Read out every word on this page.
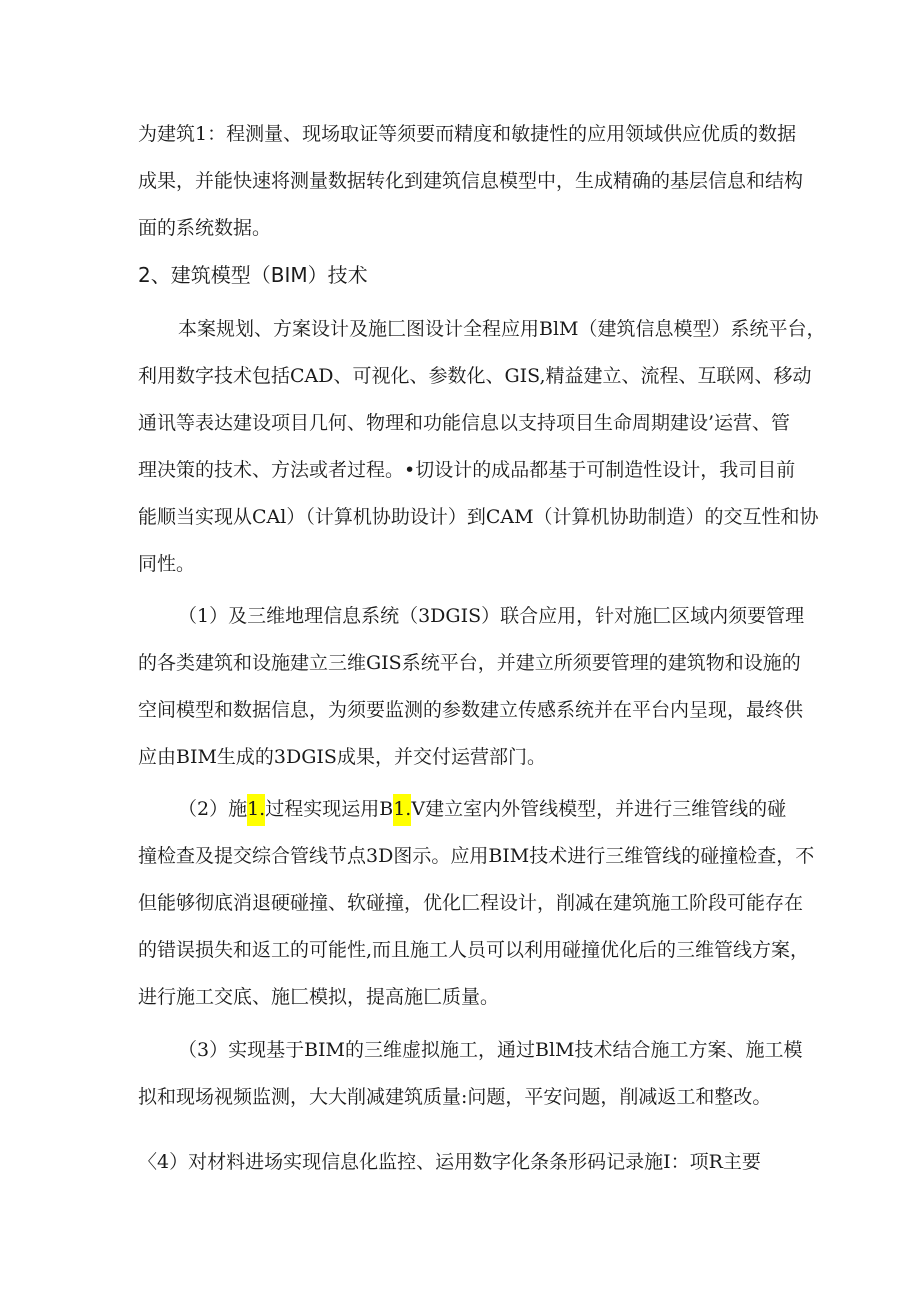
为建筑1：程测量、现场取证等须要而精度和敏捷性的应用领域供应优质的数据
成果，并能快速将测量数据转化到建筑信息模型中，生成精确的基层信息和结构
面的系统数据。
2、建筑模型（BIM）技术
本案规划、方案设计及施匚图设计全程应用BlM（建筑信息模型）系统平台，
利用数字技术包括CAD、可视化、参数化、GIS,精益建立、流程、互联网、移动
通讯等表达建设项目几何、物理和功能信息以支持项目生命周期建设’运营、管
理决策的技术、方法或者过程。•切设计的成品都基于可制造性设计，我司目前
能顺当实现从CAl）（计算机协助设计）到CAM（计算机协助制造）的交互性和协
同性。
（1）及三维地理信息系统（3DGIS）联合应用，针对施匚区域内须要管理
的各类建筑和设施建立三维GIS系统平台，并建立所须要管理的建筑物和设施的
空间模型和数据信息，为须要监测的参数建立传感系统并在平台内呈现，最终供
应由BIM生成的3DGIS成果，并交付运营部门。
（2）施1.过程实现运用B1.V建立室内外管线模型，并进行三维管线的碰
撞检查及提交综合管线节点3D图示。应用BIM技术进行三维管线的碰撞检查，不
但能够彻底消退硬碰撞、软碰撞，优化匚程设计，削减在建筑施工阶段可能存在
的错误损失和返工的可能性,而且施工人员可以利用碰撞优化后的三维管线方案，
进行施工交底、施匚模拟，提高施匚质量。
（3）实现基于BIM的三维虚拟施工，通过BlM技术结合施工方案、施工模
拟和现场视频监测，大大削减建筑质量:问题，平安问题，削减返工和整改。
〈4）对材料进场实现信息化监控、运用数字化条条形码记录施I：项R主要
